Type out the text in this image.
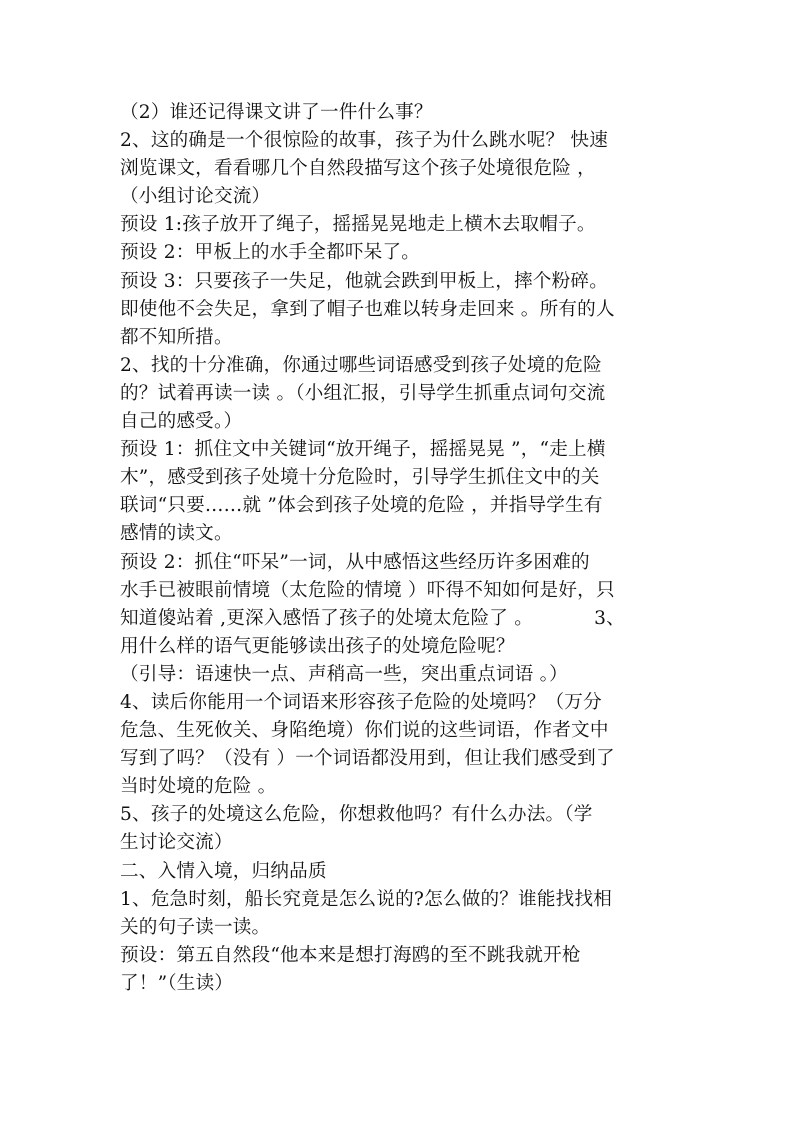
（2）谁还记得课文讲了一件什么事？
2、这的确是一个很惊险的故事，孩子为什么跳水呢？ 快速
浏览课文，看看哪几个自然段描写这个孩子处境很危险 ，
（小组讨论交流）
预设 1:孩子放开了绳子，摇摇晃晃地走上横木去取帽子。
预设 2：甲板上的水手全都吓呆了。
预设 3：只要孩子一失足，他就会跌到甲板上，摔个粉碎。
即使他不会失足，拿到了帽子也难以转身走回来 。所有的人
都不知所措。
2、找的十分准确，你通过哪些词语感受到孩子处境的危险
的？试着再读一读 。（小组汇报，引导学生抓重点词句交流
自己的感受。）
预设 1：抓住文中关键词“放开绳子，摇摇晃晃 ”，“走上横
木”，感受到孩子处境十分危险时，引导学生抓住文中的关
联词“只要……就 ”体会到孩子处境的危险 ，并指导学生有
感情的读文。
预设 2：抓住“吓呆”一词，从中感悟这些经历许多困难的
水手已被眼前情境（太危险的情境 ）吓得不知如何是好，只
知道傻站着 ,更深入感悟了孩子的处境太危险了 。          3、
用什么样的语气更能够读出孩子的处境危险呢？
（引导：语速快一点、声稍高一些，突出重点词语 。）
4、读后你能用一个词语来形容孩子危险的处境吗？（万分
危急、生死攸关、身陷绝境）你们说的这些词语，作者文中
写到了吗？（没有 ）一个词语都没用到，但让我们感受到了
当时处境的危险 。
5、孩子的处境这么危险，你想救他吗？有什么办法。（学
生讨论交流）
二、入情入境，归纳品质
1、危急时刻，船长究竟是怎么说的?怎么做的？谁能找找相
关的句子读一读。
预设：第五自然段“他本来是想打海鸥的至不跳我就开枪
了！”（生读）
